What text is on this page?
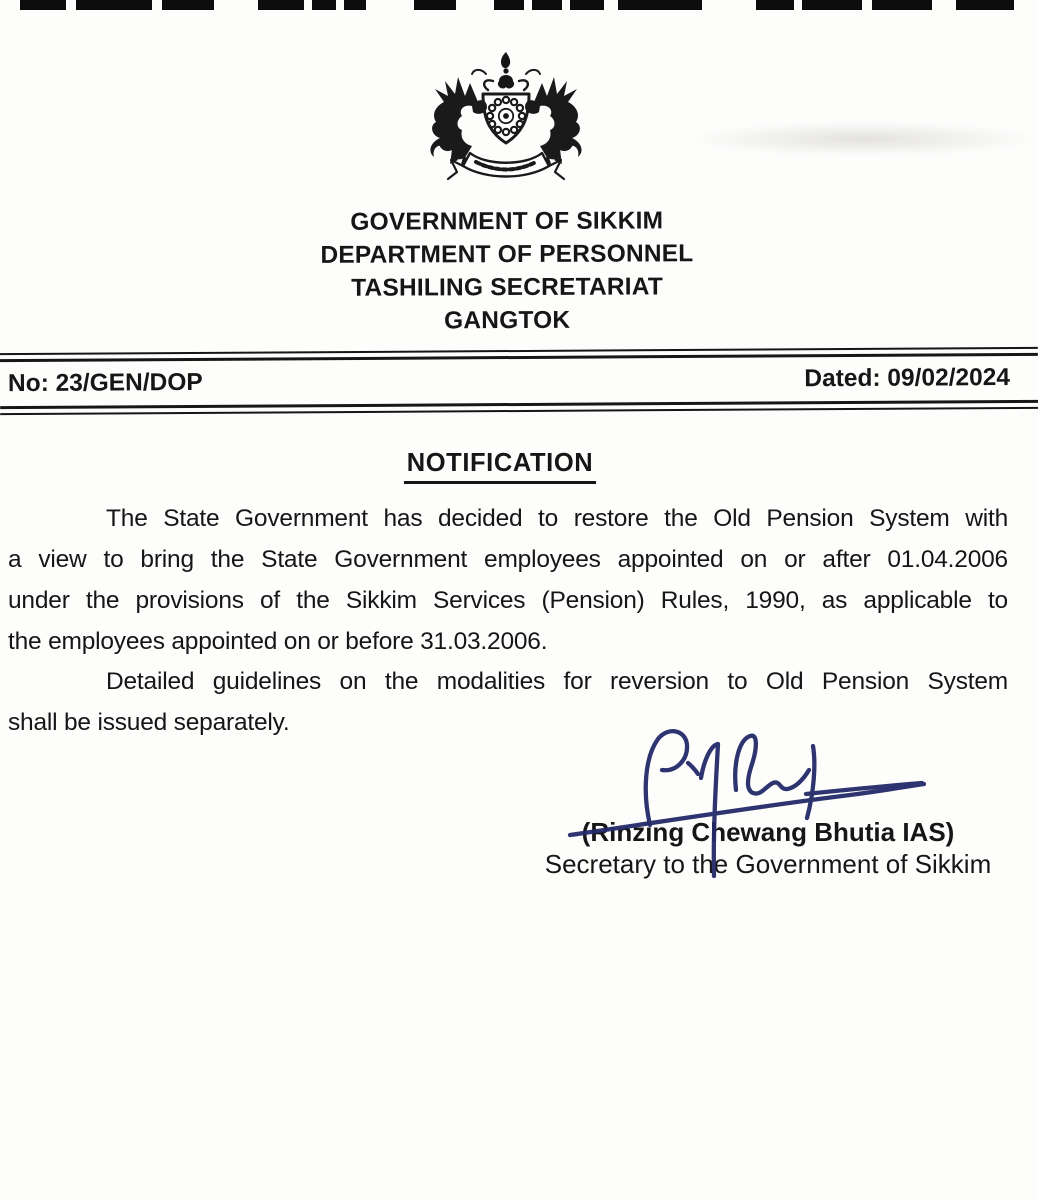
GOVERNMENT OF SIKKIM
DEPARTMENT OF PERSONNEL
TASHILING SECRETARIAT
GANGTOK
No: 23/GEN/DOP	Dated: 09/02/2024
NOTIFICATION
The State Government has decided to restore the Old Pension System with
a view to bring the State Government employees appointed on or after 01.04.2006
under the provisions of the Sikkim Services (Pension) Rules, 1990, as applicable to
the employees appointed on or before 31.03.2006.
Detailed guidelines on the modalities for reversion to Old Pension System
shall be issued separately.
(Rinzing Chewang Bhutia IAS)
Secretary to the Government of Sikkim
